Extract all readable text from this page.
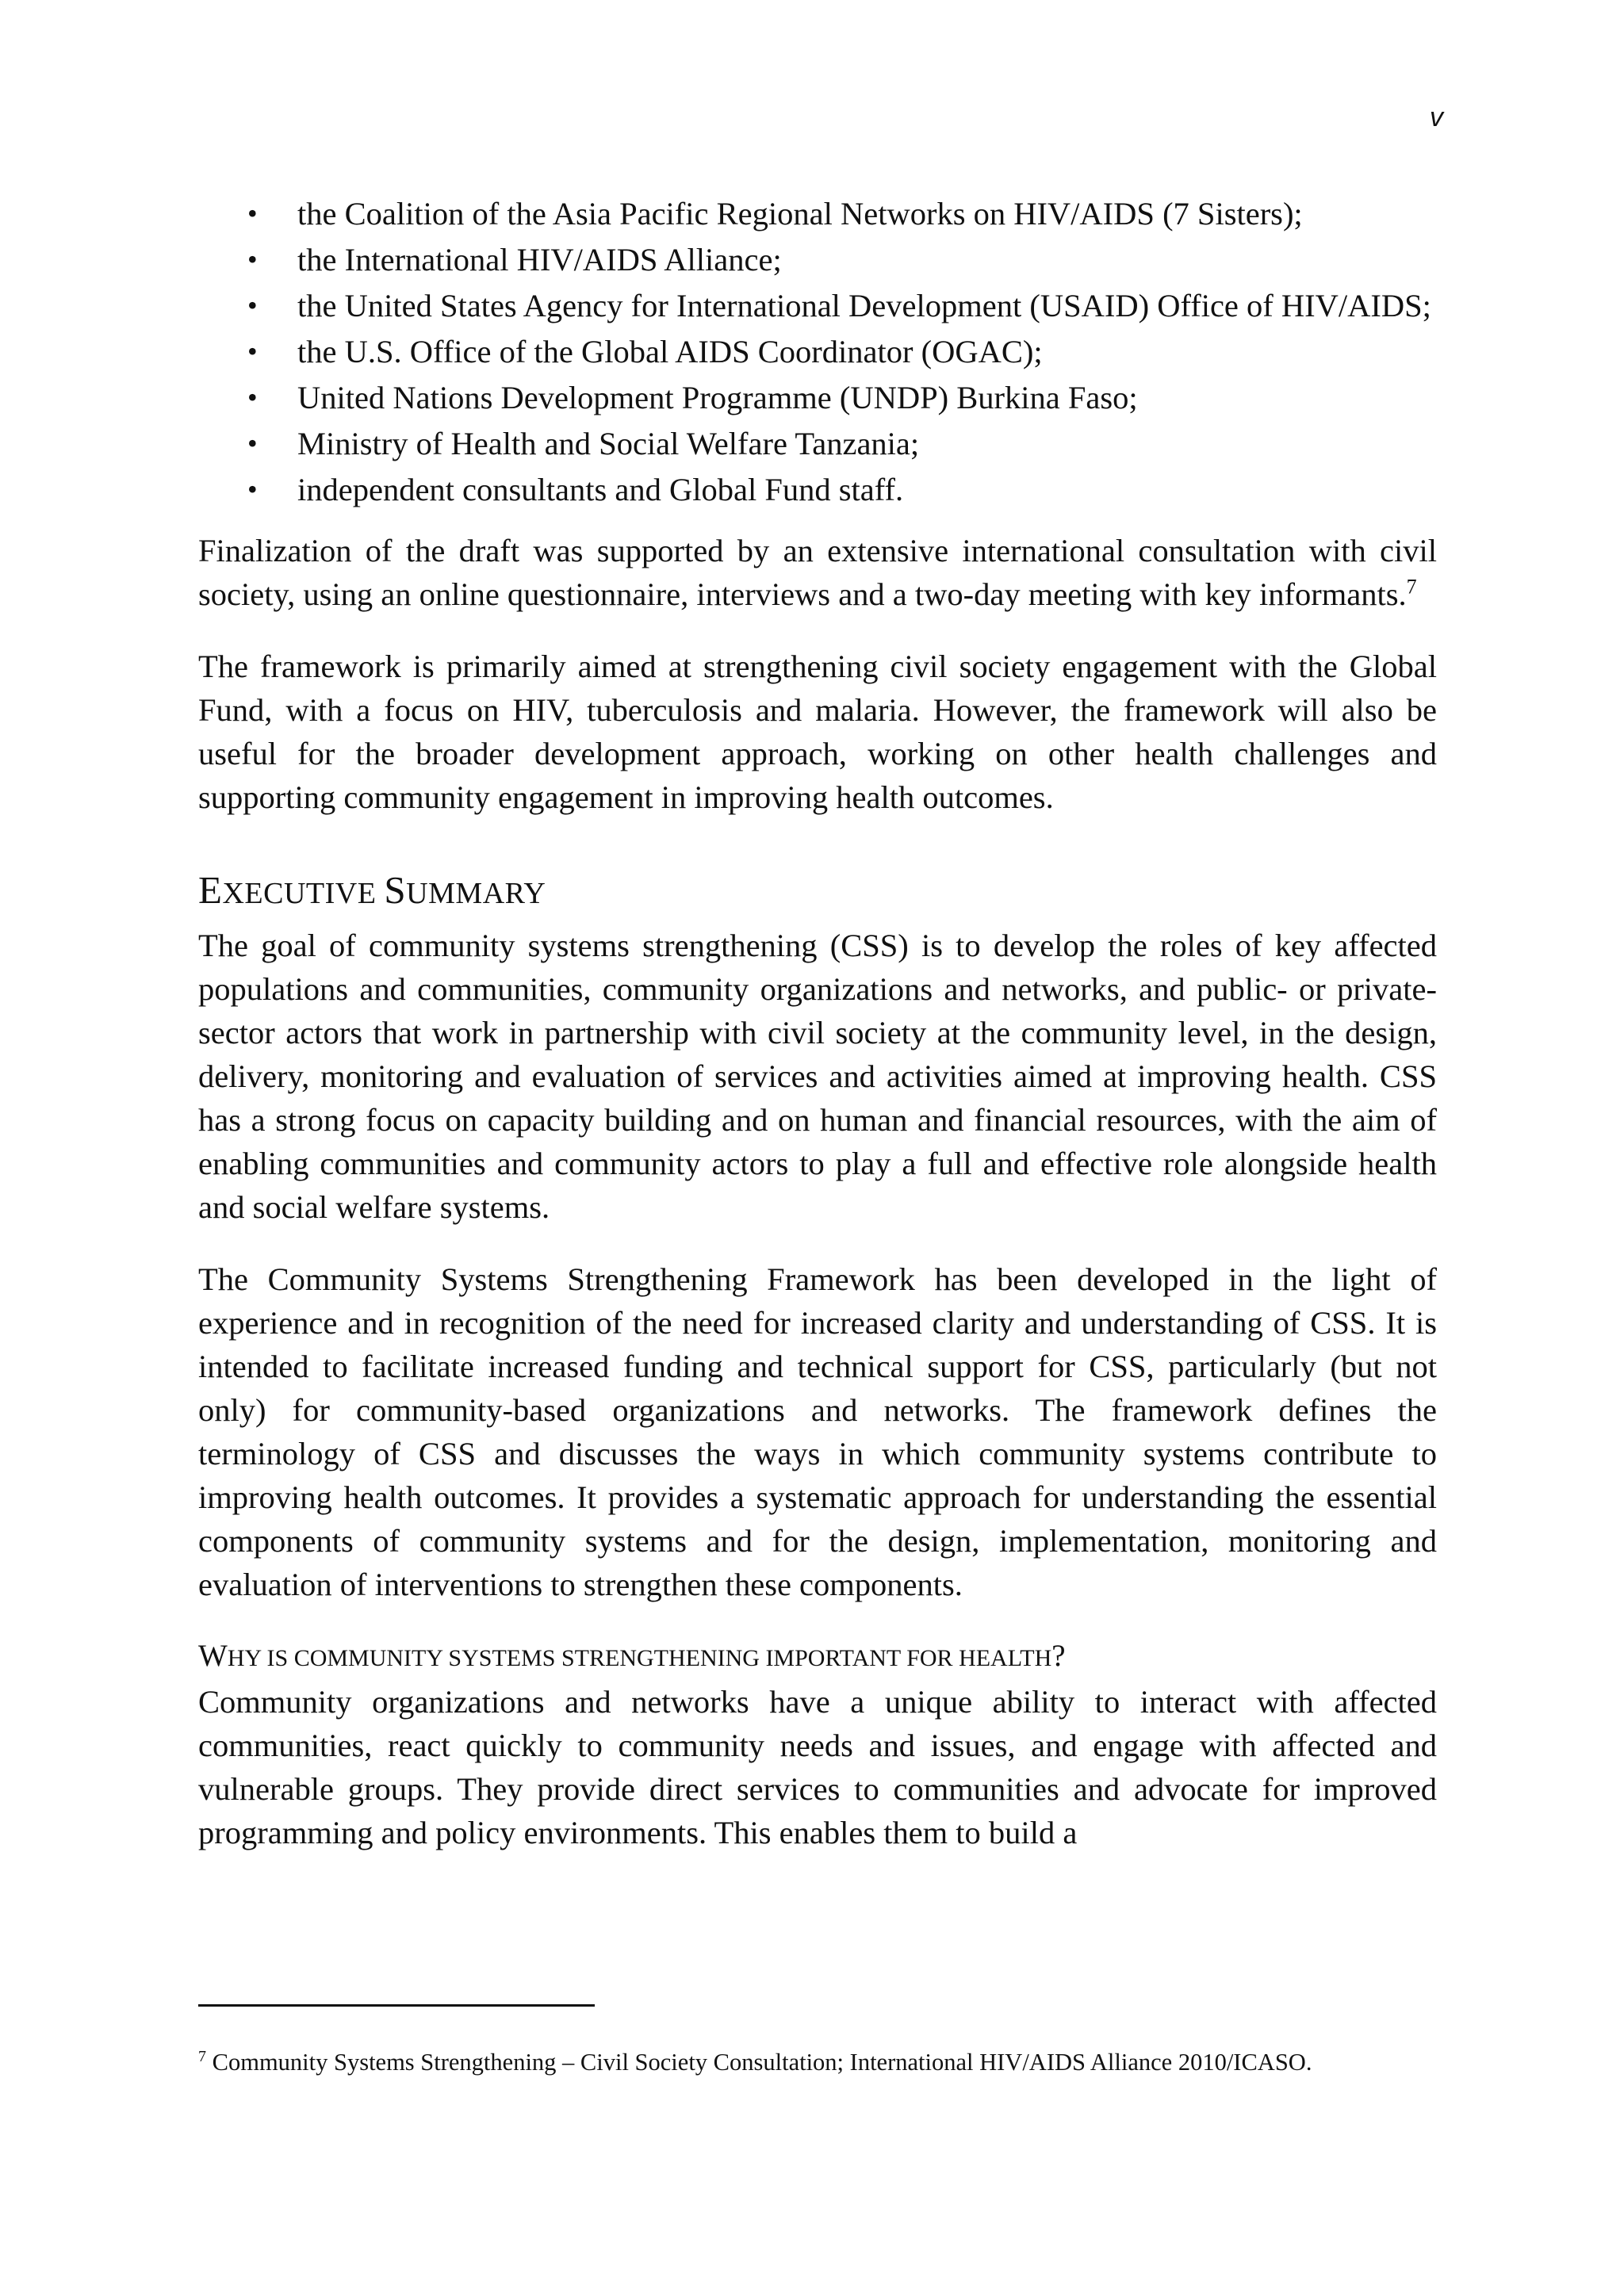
v
• the Coalition of the Asia Pacific Regional Networks on HIV/AIDS (7 Sisters);
• the International HIV/AIDS Alliance;
• the United States Agency for International Development (USAID) Office of HIV/AIDS;
• the U.S. Office of the Global AIDS Coordinator (OGAC);
• United Nations Development Programme (UNDP) Burkina Faso;
• Ministry of Health and Social Welfare Tanzania;
• independent consultants and Global Fund staff.

Finalization of the draft was supported by an extensive international consultation with civil society, using an online questionnaire, interviews and a two-day meeting with key informants.$^7$

The framework is primarily aimed at strengthening civil society engagement with the Global Fund, with a focus on HIV, tuberculosis and malaria. However, the framework will also be useful for the broader development approach, working on other health challenges and supporting community engagement in improving health outcomes.

EXECUTIVE SUMMARY

The goal of community systems strengthening (CSS) is to develop the roles of key affected populations and communities, community organizations and networks, and public- or private-sector actors that work in partnership with civil society at the community level, in the design, delivery, monitoring and evaluation of services and activities aimed at improving health. CSS has a strong focus on capacity building and on human and financial resources, with the aim of enabling communities and community actors to play a full and effective role alongside health and social welfare systems.

The Community Systems Strengthening Framework has been developed in the light of experience and in recognition of the need for increased clarity and understanding of CSS. It is intended to facilitate increased funding and technical support for CSS, particularly (but not only) for community-based organizations and networks. The framework defines the terminology of CSS and discusses the ways in which community systems contribute to improving health outcomes. It provides a systematic approach for understanding the essential components of community systems and for the design, implementation, monitoring and evaluation of interventions to strengthen these components.

WHY IS COMMUNITY SYSTEMS STRENGTHENING IMPORTANT FOR HEALTH?

Community organizations and networks have a unique ability to interact with affected communities, react quickly to community needs and issues, and engage with affected and vulnerable groups. They provide direct services to communities and advocate for improved programming and policy environments. This enables them to build a

$^7$ Community Systems Strengthening – Civil Society Consultation; International HIV/AIDS Alliance 2010/ICASO.
